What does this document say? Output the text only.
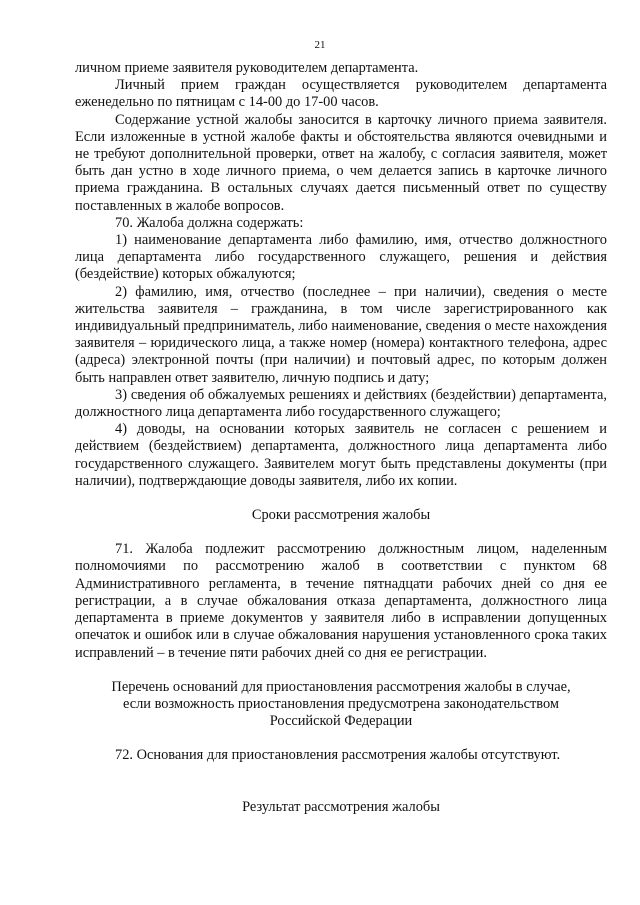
21

личном приеме заявителя руководителем департамента.

Личный прием граждан осуществляется руководителем департамента еженедельно по пятницам с 14-00 до 17-00 часов.

Содержание устной жалобы заносится в карточку личного приема заявителя. Если изложенные в устной жалобе факты и обстоятельства являются очевидными и не требуют дополнительной проверки, ответ на жалобу, с согласия заявителя, может быть дан устно в ходе личного приема, о чем делается запись в карточке личного приема гражданина. В остальных случаях дается письменный ответ по существу поставленных в жалобе вопросов.

70. Жалоба должна содержать:

1) наименование департамента либо фамилию, имя, отчество должностного лица департамента либо государственного служащего, решения и действия (бездействие) которых обжалуются;

2) фамилию, имя, отчество (последнее – при наличии), сведения о месте жительства заявителя – гражданина, в том числе зарегистрированного как индивидуальный предприниматель, либо наименование, сведения о месте нахождения заявителя – юридического лица, а также номер (номера) контактного телефона, адрес (адреса) электронной почты (при наличии) и почтовый адрес, по которым должен быть направлен ответ заявителю, личную подпись и дату;

3) сведения об обжалуемых решениях и действиях (бездействии) департамента, должностного лица департамента либо государственного служащего;

4) доводы, на основании которых заявитель не согласен с решением и действием (бездействием) департамента, должностного лица департамента либо государственного служащего. Заявителем могут быть представлены документы (при наличии), подтверждающие доводы заявителя, либо их копии.

Сроки рассмотрения жалобы

71. Жалоба подлежит рассмотрению должностным лицом, наделенным полномочиями по рассмотрению жалоб в соответствии с пунктом 68 Административного регламента, в течение пятнадцати рабочих дней со дня ее регистрации, а в случае обжалования отказа департамента, должностного лица департамента в приеме документов у заявителя либо в исправлении допущенных опечаток и ошибок или в случае обжалования нарушения установленного срока таких исправлений – в течение пяти рабочих дней со дня ее регистрации.

Перечень оснований для приостановления рассмотрения жалобы в случае,

если возможность приостановления предусмотрена законодательством

Российской Федерации

72. Основания для приостановления рассмотрения жалобы отсутствуют.

Результат рассмотрения жалобы
